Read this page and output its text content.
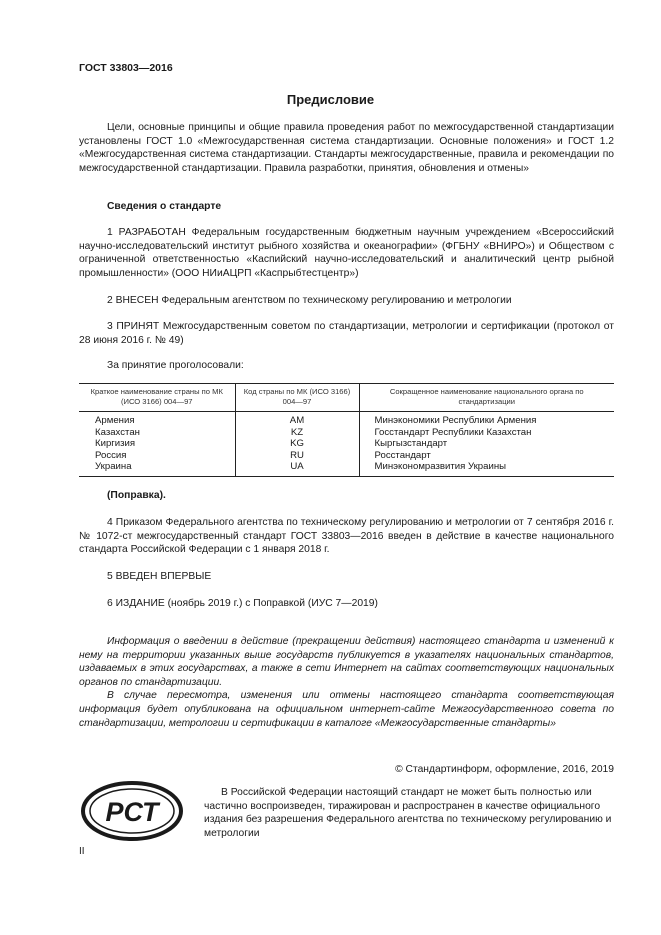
ГОСТ 33803—2016
Предисловие
Цели, основные принципы и общие правила проведения работ по межгосударственной стандартизации установлены ГОСТ 1.0 «Межгосударственная система стандартизации. Основные положения» и ГОСТ 1.2 «Межгосударственная система стандартизации. Стандарты межгосударственные, правила и рекомендации по межгосударственной стандартизации. Правила разработки, принятия, обновления и отмены»
Сведения о стандарте
1 РАЗРАБОТАН Федеральным государственным бюджетным научным учреждением «Всероссийский научно-исследовательский институт рыбного хозяйства и океанографии» (ФГБНУ «ВНИРО») и Обществом с ограниченной ответственностью «Каспийский научно-исследовательский и аналитический центр рыбной промышленности» (ООО НИиАЦРП «Каспрыбтестцентр»)
2 ВНЕСЕН Федеральным агентством по техническому регулированию и метрологии
3 ПРИНЯТ Межгосударственным советом по стандартизации, метрологии и сертификации (протокол от 28 июня 2016 г. № 49)
За принятие проголосовали:
Краткое наименование страны по МК (ИСО 3166) 004—97	Код страны по МК (ИСО 3166) 004—97	Сокращенное наименование национального органа по стандартизации
Армения	AM	Минэкономики Республики Армения
Казахстан	KZ	Госстандарт Республики Казахстан
Киргизия	KG	Кыргызстандарт
Россия	RU	Росстандарт
Украина	UA	Минэкономразвития Украины
(Поправка).
4 Приказом Федерального агентства по техническому регулированию и метрологии от 7 сентября 2016 г. № 1072-ст межгосударственный стандарт ГОСТ 33803—2016 введен в действие в качестве национального стандарта Российской Федерации с 1 января 2018 г.
5 ВВЕДЕН ВПЕРВЫЕ
6 ИЗДАНИЕ (ноябрь 2019 г.) с Поправкой (ИУС 7—2019)

Информация о введении в действие (прекращении действия) настоящего стандарта и изменений к нему на территории указанных выше государств публикуется в указателях национальных стандартов, издаваемых в этих государствах, а также в сети Интернет на сайтах соответствующих национальных органов по стандартизации.

В случае пересмотра, изменения или отмены настоящего стандарта соответствующая информация будет опубликована на официальном интернет-сайте Межгосударственного совета по стандартизации, метрологии и сертификации в каталоге «Межгосударственные стандарты»

© Стандартинформ, оформление, 2016, 2019
РСТ

В Российской Федерации настоящий стандарт не может быть полностью или частично воспроизведен, тиражирован и распространен в качестве официального издания без разрешения Федерального агентства по техническому регулированию и метрологии

II
